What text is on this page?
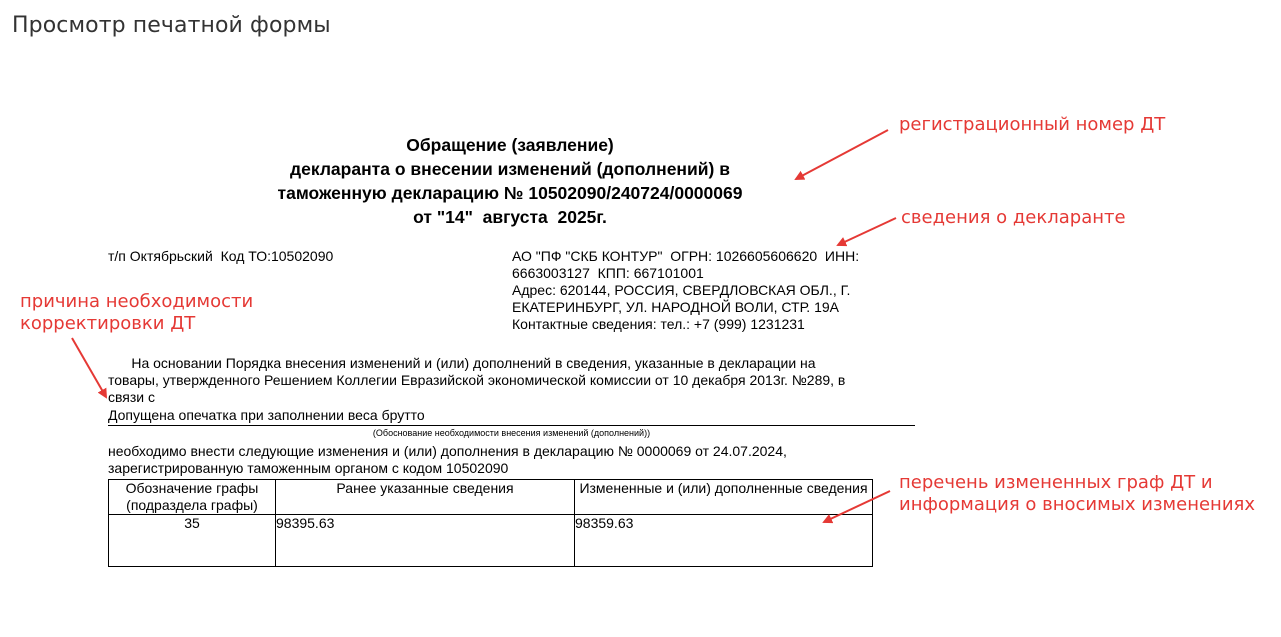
Просмотр печатной формы
Обращение (заявление)
декларанта о внесении изменений (дополнений) в
таможенную декларацию № 10502090/240724/0000069
от "14"  августа  2025г.
т/п Октябрьский  Код ТО:10502090	АО "ПФ "СКБ КОНТУР"  ОГРН: 1026605606620  ИНН:
6663003127  КПП: 667101001
Адрес: 620144, РОССИЯ, СВЕРДЛОВСКАЯ ОБЛ., Г.
ЕКАТЕРИНБУРГ, УЛ. НАРОДНОЙ ВОЛИ, СТР. 19А
Контактные сведения: тел.: +7 (999) 1231231
На основании Порядка внесения изменений и (или) дополнений в сведения, указанные в декларации на
товары, утвержденного Решением Коллегии Евразийской экономической комиссии от 10 декабря 2013г. №289, в
связи с
Допущена опечатка при заполнении веса брутто
(Обоснование необходимости внесения изменений (дополнений))
необходимо внести следующие изменения и (или) дополнения в декларацию № 0000069 от 24.07.2024,
зарегистрированную таможенным органом с кодом 10502090
Обозначение графы (подраздела графы)	Ранее указанные сведения	Измененные и (или) дополненные сведения
35	98395.63	98359.63
регистрационный номер ДТ
сведения о декларанте
причина необходимости
корректировки ДТ
перечень измененных граф ДТ и
информация о вносимых изменениях
